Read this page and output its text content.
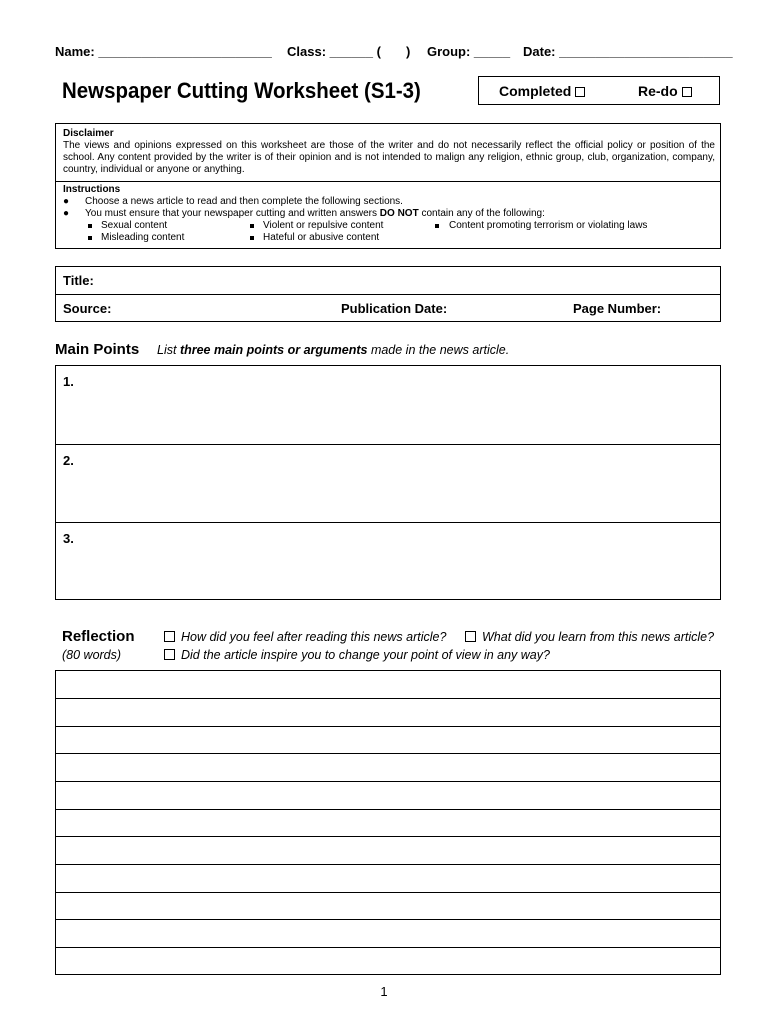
Name: ________________________ Class: ______ ( ) Group: _____ Date: ________________________
Newspaper Cutting Worksheet (S1-3)	Completed	Re-do
Disclaimer
The views and opinions expressed on this worksheet are those of the writer and do not necessarily reflect the official policy or position of the school. Any content provided by the writer is of their opinion and is not intended to malign any religion, ethnic group, club, organization, company, country, individual or anyone or anything.
Instructions
● Choose a news article to read and then complete the following sections.
● You must ensure that your newspaper cutting and written answers DO NOT contain any of the following:
Sexual content	Violent or repulsive content	Content promoting terrorism or violating laws
Misleading content	Hateful or abusive content
Title:
Source:	Publication Date:	Page Number:
Main Points List three main points or arguments made in the news article.
1.
2.
3.
Reflection
(80 words)
How did you feel after reading this news article?	What did you learn from this news article?
Did the article inspire you to change your point of view in any way?
1
